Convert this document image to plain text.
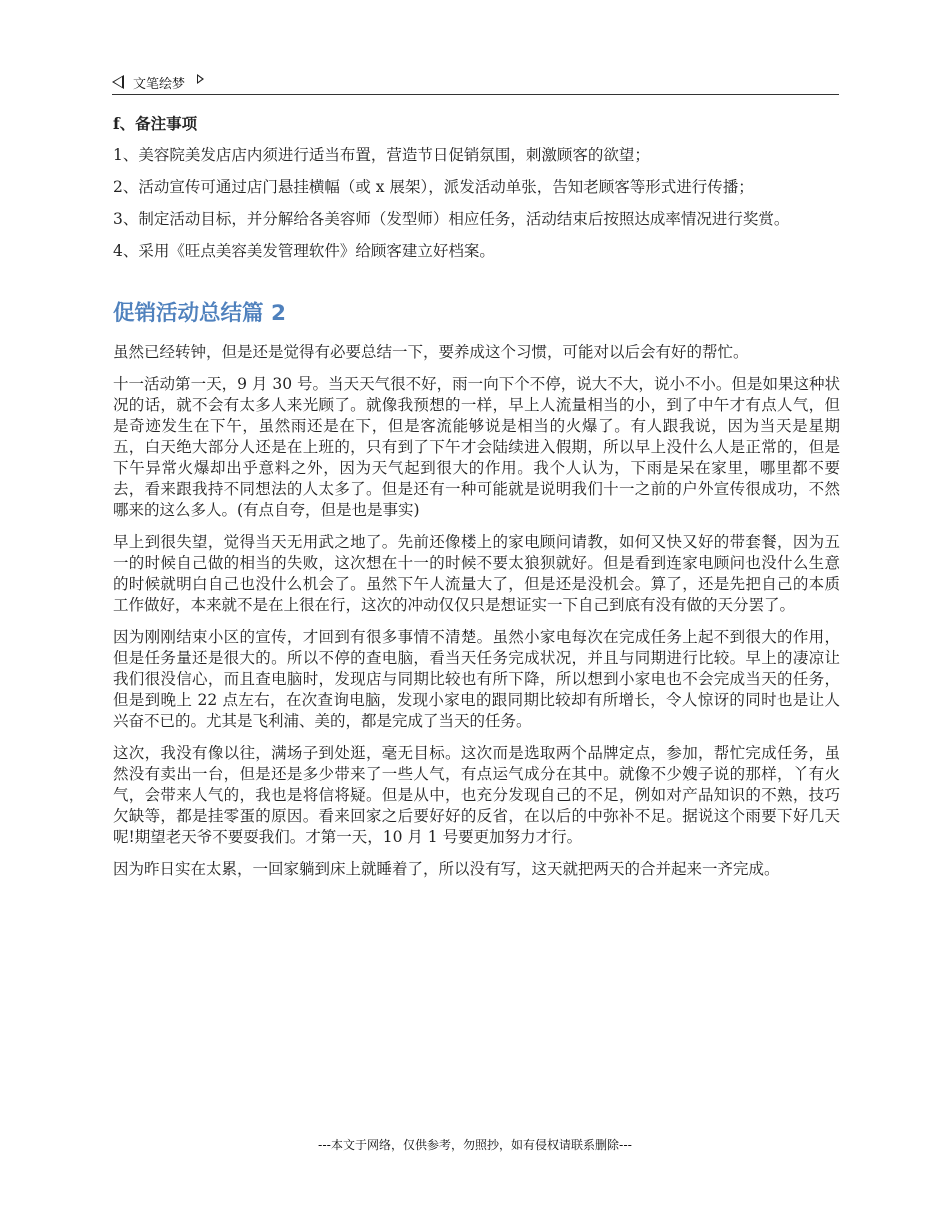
文笔绘梦
f、备注事项

1、美容院美发店店内须进行适当布置，营造节日促销氛围，刺激顾客的欲望；

2、活动宣传可通过店门悬挂横幅（或 x 展架），派发活动单张，告知老顾客等形式进行传播；

3、制定活动目标，并分解给各美容师（发型师）相应任务，活动结束后按照达成率情况进行奖赏。

4、采用《旺点美容美发管理软件》给顾客建立好档案。

促销活动总结篇 2

虽然已经转钟，但是还是觉得有必要总结一下，要养成这个习惯，可能对以后会有好的帮忙。

十一活动第一天，9 月 30 号。当天天气很不好，雨一向下个不停，说大不大，说小不小。但是如果这种状况的话，就不会有太多人来光顾了。就像我预想的一样，早上人流量相当的小，到了中午才有点人气，但是奇迹发生在下午，虽然雨还是在下，但是客流能够说是相当的火爆了。有人跟我说，因为当天是星期五，白天绝大部分人还是在上班的，只有到了下午才会陆续进入假期，所以早上没什么人是正常的，但是下午异常火爆却出乎意料之外，因为天气起到很大的作用。我个人认为，下雨是呆在家里，哪里都不要去，看来跟我持不同想法的人太多了。但是还有一种可能就是说明我们十一之前的户外宣传很成功，不然哪来的这么多人。(有点自夸，但是也是事实)

早上到很失望，觉得当天无用武之地了。先前还像楼上的家电顾问请教，如何又快又好的带套餐，因为五一的时候自己做的相当的失败，这次想在十一的时候不要太狼狈就好。但是看到连家电顾问也没什么生意的时候就明白自己也没什么机会了。虽然下午人流量大了，但是还是没机会。算了，还是先把自己的本质工作做好，本来就不是在上很在行，这次的冲动仅仅只是想证实一下自己到底有没有做的天分罢了。

因为刚刚结束小区的宣传，才回到有很多事情不清楚。虽然小家电每次在完成任务上起不到很大的作用，但是任务量还是很大的。所以不停的查电脑，看当天任务完成状况，并且与同期进行比较。早上的凄凉让我们很没信心，而且查电脑时，发现店与同期比较也有所下降，所以想到小家电也不会完成当天的任务，但是到晚上 22 点左右，在次查询电脑，发现小家电的跟同期比较却有所增长，令人惊讶的同时也是让人兴奋不已的。尤其是飞利浦、美的，都是完成了当天的任务。

这次，我没有像以往，满场子到处逛，毫无目标。这次而是选取两个品牌定点，参加，帮忙完成任务，虽然没有卖出一台，但是还是多少带来了一些人气，有点运气成分在其中。就像不少嫂子说的那样，丫有火气，会带来人气的，我也是将信将疑。但是从中，也充分发现自己的不足，例如对产品知识的不熟，技巧欠缺等，都是挂零蛋的原因。看来回家之后要好好的反省，在以后的中弥补不足。据说这个雨要下好几天呢!期望老天爷不要耍我们。才第一天，10 月 1 号要更加努力才行。

因为昨日实在太累，一回家躺到床上就睡着了，所以没有写，这天就把两天的合并起来一齐完成。

---本文于网络，仅供参考，勿照抄，如有侵权请联系删除---
